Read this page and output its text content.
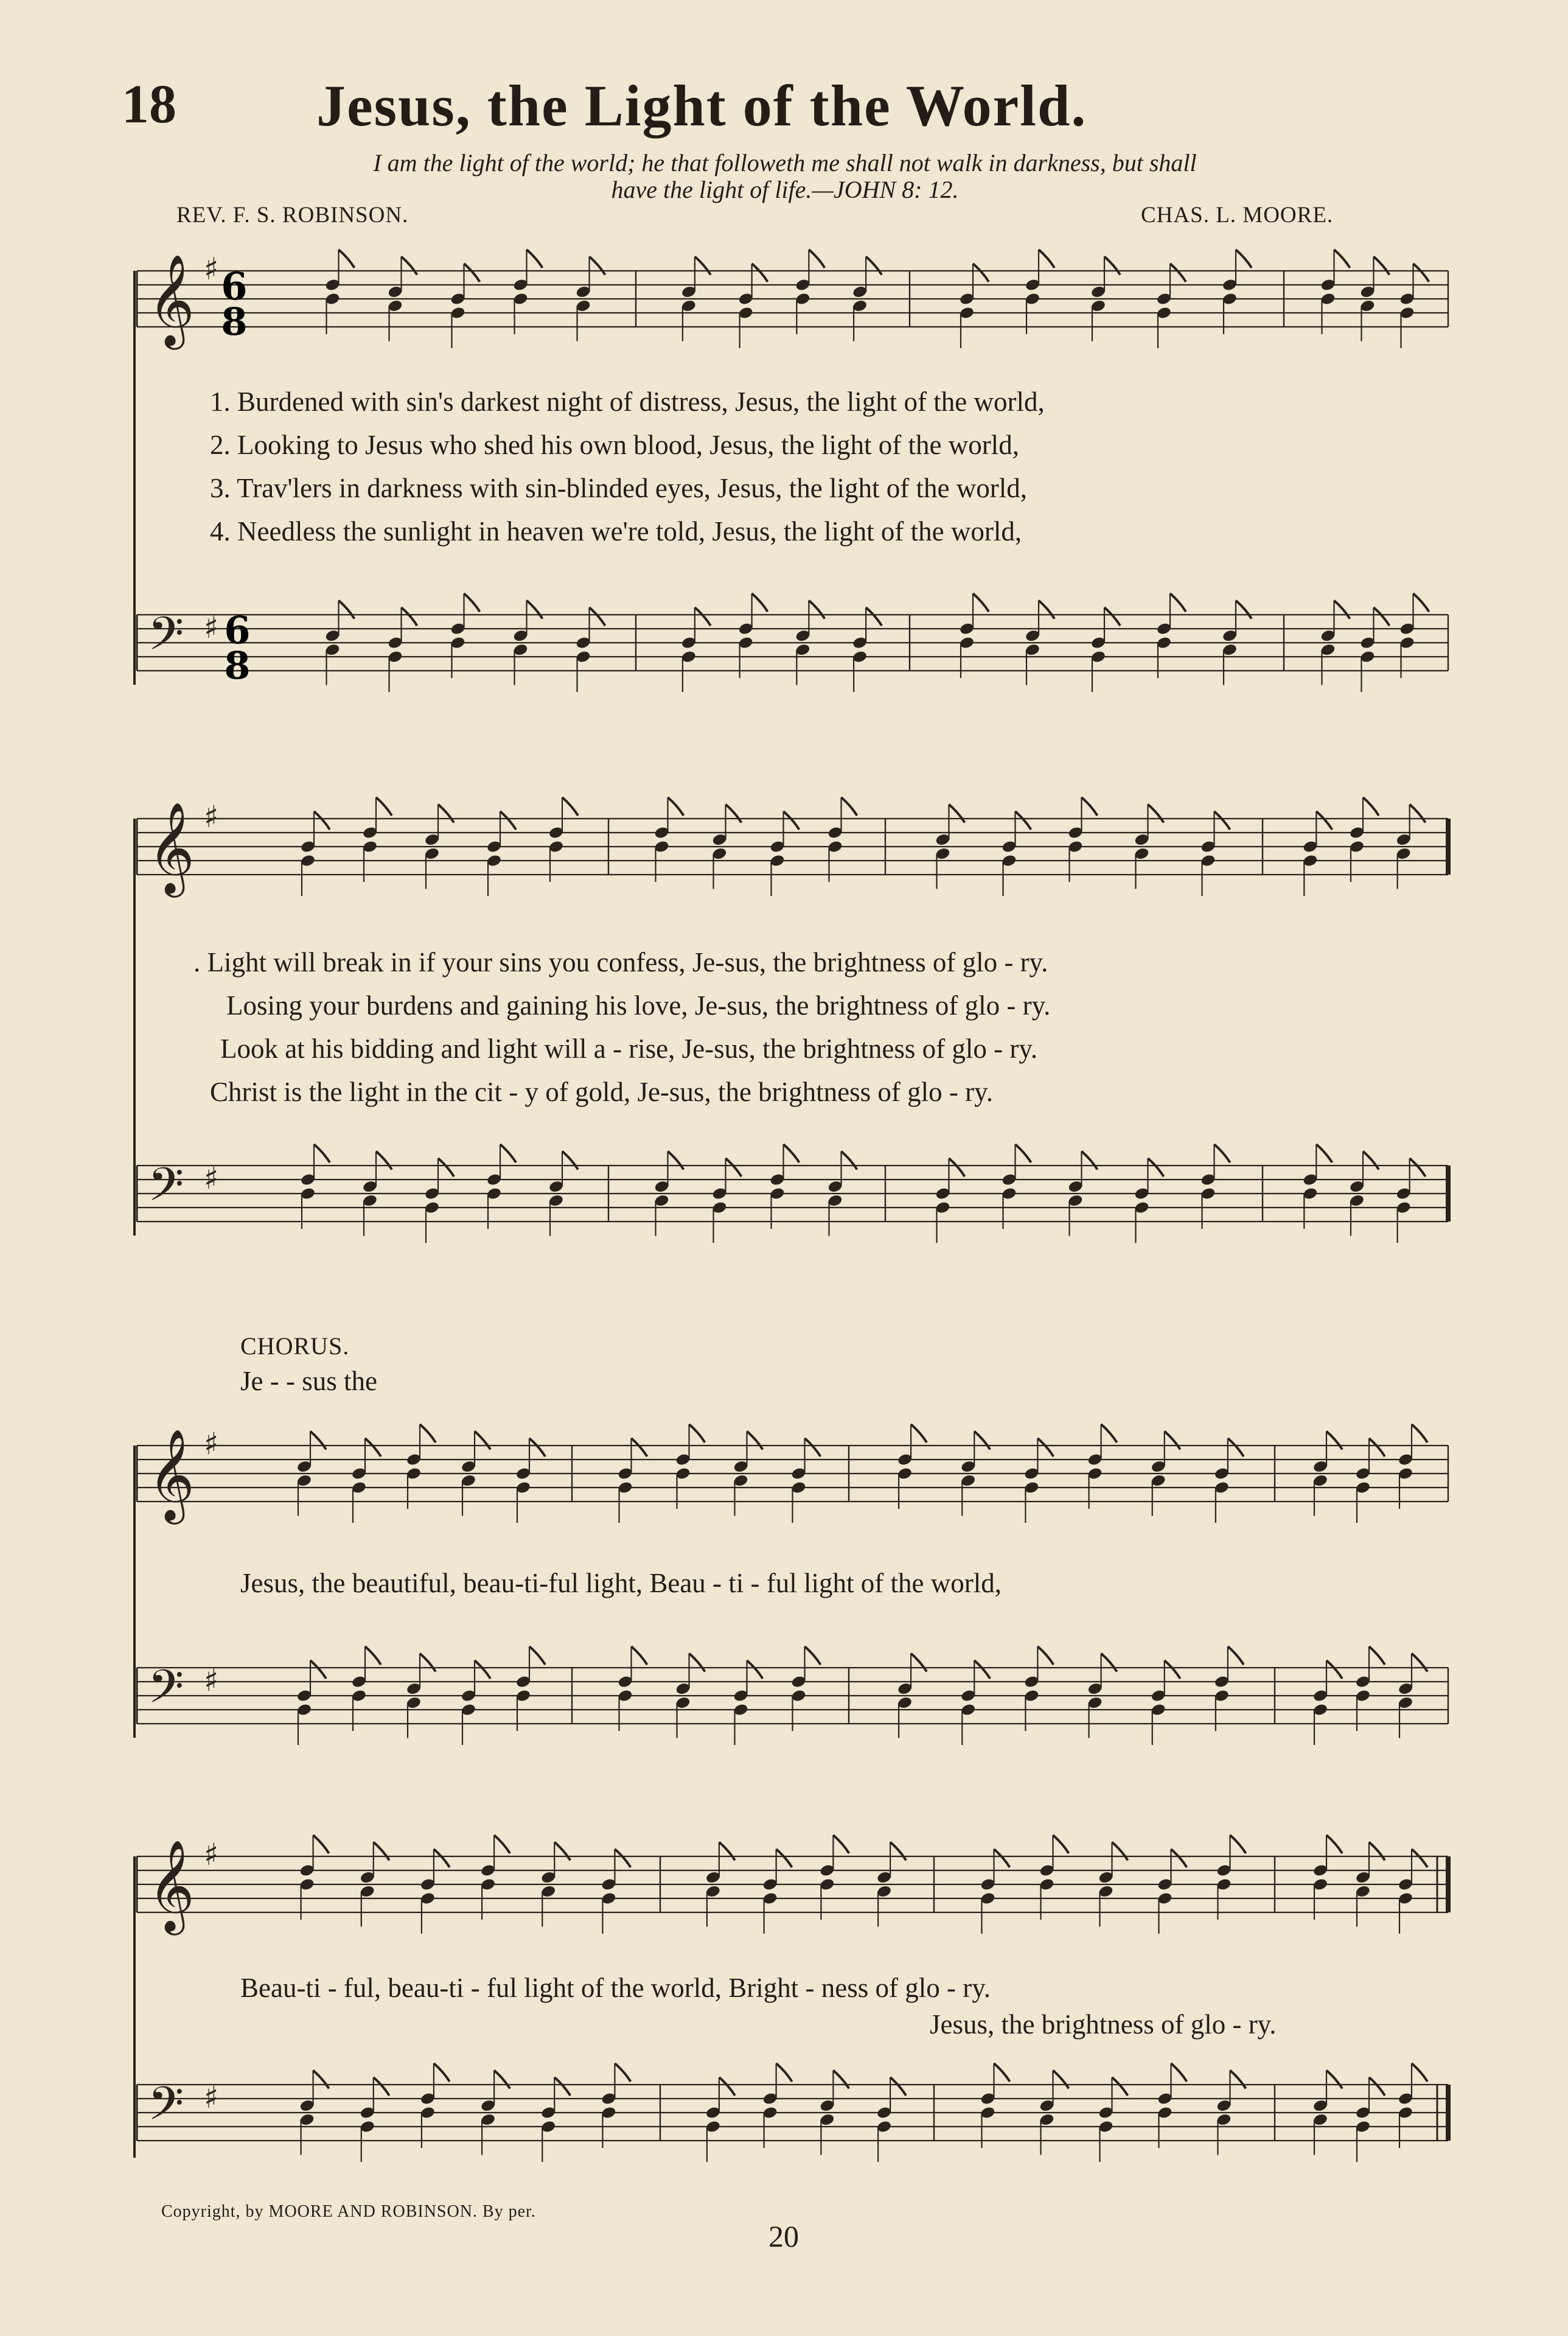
18 Jesus, the Light of the World.
I am the light of the world; he that followeth me shall not walk in darkness, but shall
have the light of life.—JOHN 8: 12.
REV. F. S. ROBINSON.	CHAS. L. MOORE.
𝄞 ♯
𝄢 ♯
𝄞 ♯
𝄢 ♯
𝄞 ♯
𝄢 ♯
𝄞 ♯
𝄢 ♯
6
8
6
8
1. Burdened with sin's darkest night of distress, Jesus, the light of the world,
2. Looking to Jesus who shed his own blood, Jesus, the light of the world,
3. Trav'lers in darkness with sin-blinded eyes, Jesus, the light of the world,
4. Needless the sunlight in heaven we're told, Jesus, the light of the world,
. Light will break in if your sins you confess, Je-sus, the brightness of glo - ry.
Losing your burdens and gaining his love, Je-sus, the brightness of glo - ry.
Look at his bidding and light will a - rise, Je-sus, the brightness of glo - ry.
Christ is the light in the cit - y of gold, Je-sus, the brightness of glo - ry.
CHORUS.
Je - - sus the
Jesus, the beautiful, beau-ti-ful light, Beau - ti - ful light of the world,
Beau-ti - ful, beau-ti - ful light of the world, Bright - ness of glo - ry.
Jesus, the brightness of glo - ry.
Copyright, by MOORE AND ROBINSON. By per.
20
